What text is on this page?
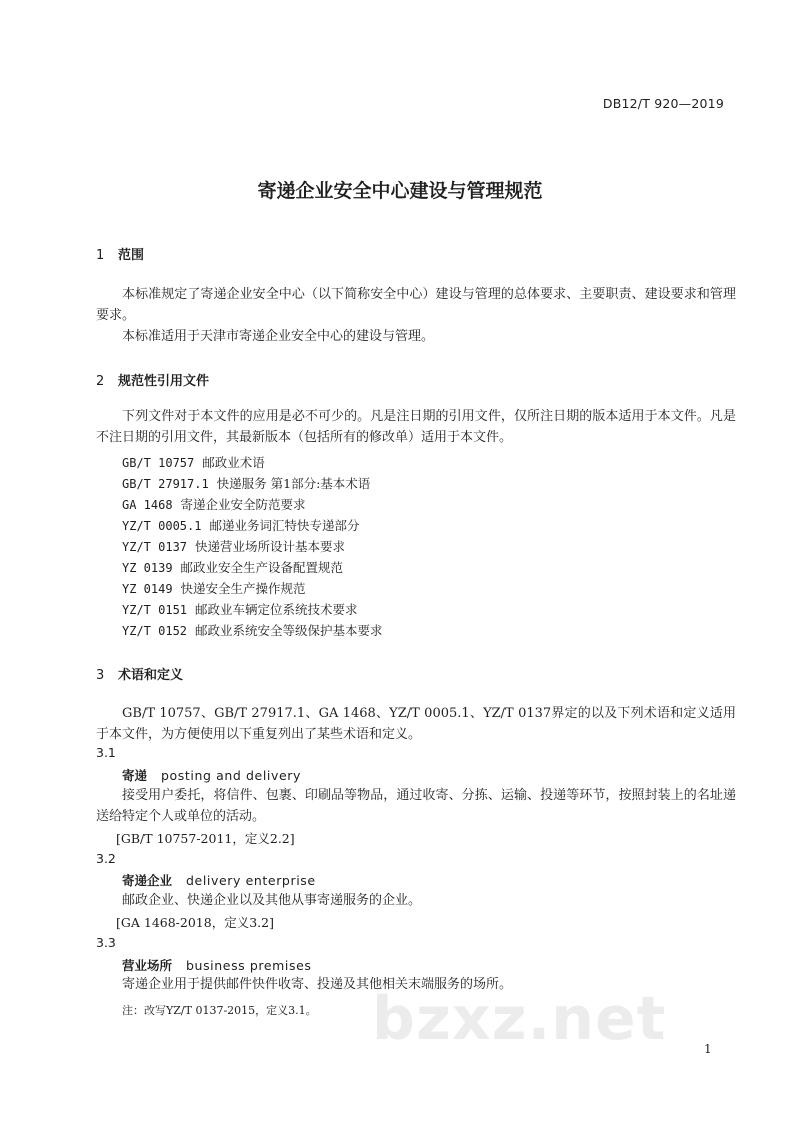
DB12/T 920—2019
寄递企业安全中心建设与管理规范
1 范围
本标准规定了寄递企业安全中心（以下简称安全中心）建设与管理的总体要求、主要职责、建设要求和管理要求。
本标准适用于天津市寄递企业安全中心的建设与管理。
2 规范性引用文件
下列文件对于本文件的应用是必不可少的。凡是注日期的引用文件，仅所注日期的版本适用于本文件。凡是不注日期的引用文件，其最新版本（包括所有的修改单）适用于本文件。
GB/T 10757 邮政业术语
GB/T 27917.1 快递服务 第1部分:基本术语
GA 1468 寄递企业安全防范要求
YZ/T 0005.1 邮递业务词汇特快专递部分
YZ/T 0137 快递营业场所设计基本要求
YZ 0139 邮政业安全生产设备配置规范
YZ 0149 快递安全生产操作规范
YZ/T 0151 邮政业车辆定位系统技术要求
YZ/T 0152 邮政业系统安全等级保护基本要求
3 术语和定义
GB/T 10757、GB/T 27917.1、GA 1468、YZ/T 0005.1、YZ/T 0137界定的以及下列术语和定义适用于本文件，为方便使用以下重复列出了某些术语和定义。
3.1
寄递 posting and delivery
接受用户委托，将信件、包裹、印刷品等物品，通过收寄、分拣、运输、投递等环节，按照封装上的名址递送给特定个人或单位的活动。
[GB/T 10757-2011，定义2.2]
3.2
寄递企业 delivery enterprise
邮政企业、快递企业以及其他从事寄递服务的企业。
[GA 1468-2018，定义3.2]
3.3
营业场所 business premises
寄递企业用于提供邮件快件收寄、投递及其他相关末端服务的场所。
注：改写YZ/T 0137-2015，定义3.1。 bzxz.net	1
